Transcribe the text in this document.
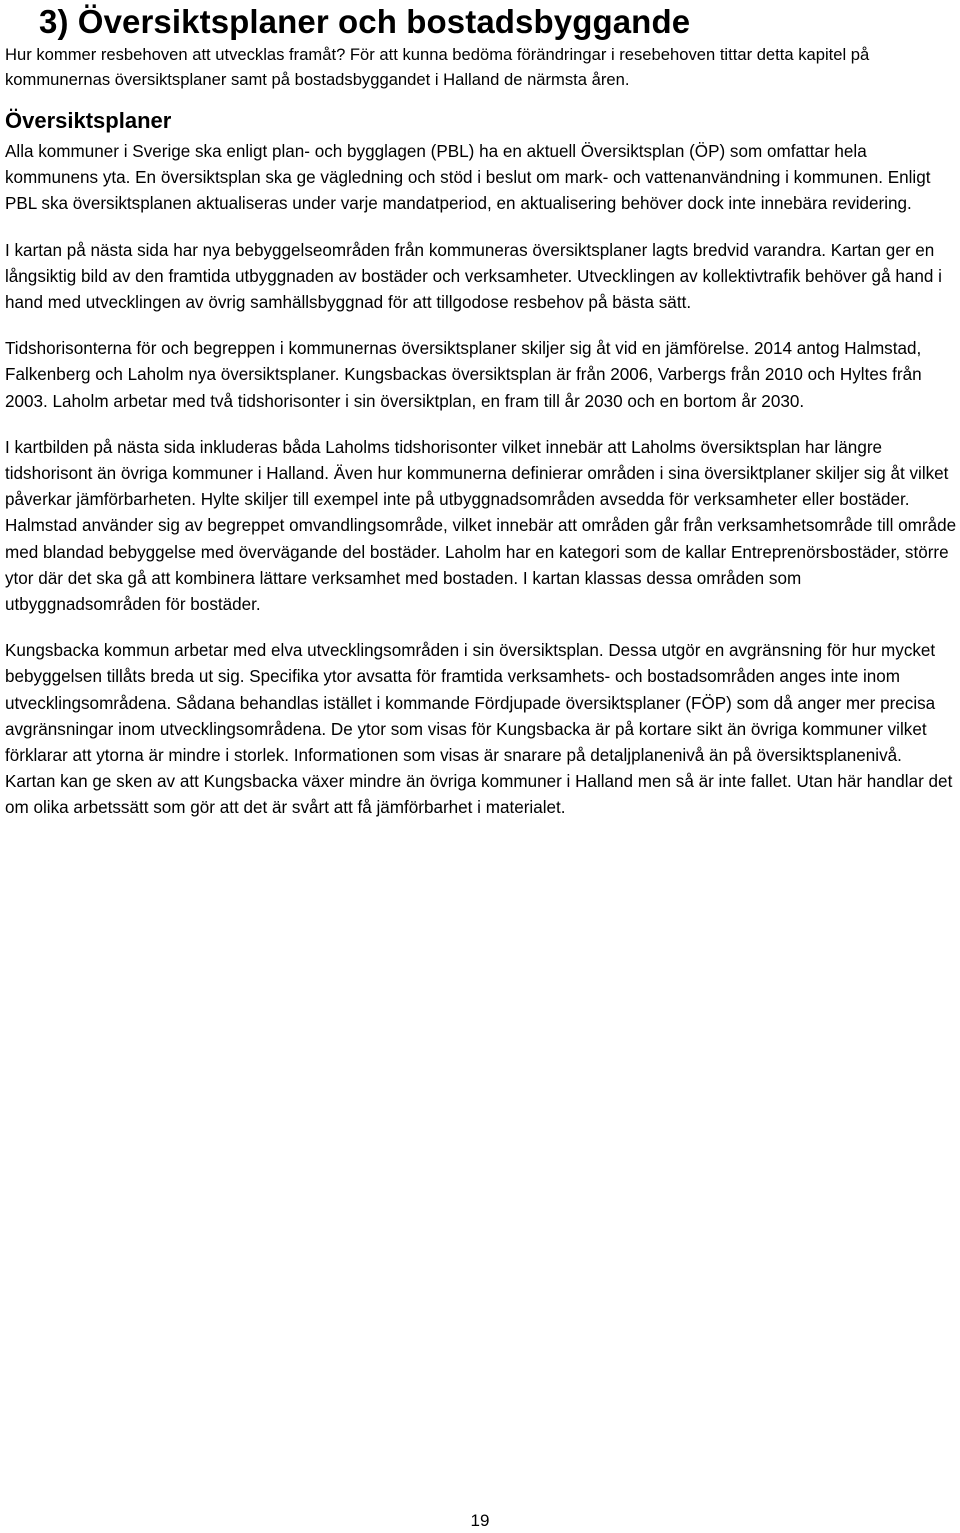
3) Översiktsplaner och bostadsbyggande

Hur kommer resbehoven att utvecklas framåt? För att kunna bedöma förändringar i resebehoven tittar detta kapitel på kommunernas översiktsplaner samt på bostadsbyggandet i Halland de närmsta åren.

Översiktsplaner

Alla kommuner i Sverige ska enligt plan- och bygglagen (PBL) ha en aktuell Översiktsplan (ÖP) som omfattar hela kommunens yta. En översiktsplan ska ge vägledning och stöd i beslut om mark- och vattenanvändning i kommunen. Enligt PBL ska översiktsplanen aktualiseras under varje mandatperiod, en aktualisering behöver dock inte innebära revidering.

I kartan på nästa sida har nya bebyggelseområden från kommuneras översiktsplaner lagts bredvid varandra. Kartan ger en långsiktig bild av den framtida utbyggnaden av bostäder och verksamheter. Utvecklingen av kollektivtrafik behöver gå hand i hand med utvecklingen av övrig samhällsbyggnad för att tillgodose resbehov på bästa sätt.

Tidshorisonterna för och begreppen i kommunernas översiktsplaner skiljer sig åt vid en jämförelse. 2014 antog Halmstad, Falkenberg och Laholm nya översiktsplaner. Kungsbackas översiktsplan är från 2006, Varbergs från 2010 och Hyltes från 2003. Laholm arbetar med två tidshorisonter i sin översiktplan, en fram till år 2030 och en bortom år 2030.

I kartbilden på nästa sida inkluderas båda Laholms tidshorisonter vilket innebär att Laholms översiktsplan har längre tidshorisont än övriga kommuner i Halland. Även hur kommunerna definierar områden i sina översiktplaner skiljer sig åt vilket påverkar jämförbarheten. Hylte skiljer till exempel inte på utbyggnadsområden avsedda för verksamheter eller bostäder. Halmstad använder sig av begreppet omvandlingsområde, vilket innebär att områden går från verksamhetsområde till område med blandad bebyggelse med övervägande del bostäder. Laholm har en kategori som de kallar Entreprenörsbostäder, större ytor där det ska gå att kombinera lättare verksamhet med bostaden. I kartan klassas dessa områden som utbyggnadsområden för bostäder.

Kungsbacka kommun arbetar med elva utvecklingsområden i sin översiktsplan. Dessa utgör en avgränsning för hur mycket bebyggelsen tillåts breda ut sig. Specifika ytor avsatta för framtida verksamhets- och bostadsområden anges inte inom utvecklingsområdena. Sådana behandlas istället i kommande Fördjupade översiktsplaner (FÖP) som då anger mer precisa avgränsningar inom utvecklingsområdena. De ytor som visas för Kungsbacka är på kortare sikt än övriga kommuner vilket förklarar att ytorna är mindre i storlek. Informationen som visas är snarare på detaljplanenivå än på översiktsplanenivå. Kartan kan ge sken av att Kungsbacka växer mindre än övriga kommuner i Halland men så är inte fallet. Utan här handlar det om olika arbetssätt som gör att det är svårt att få jämförbarhet i materialet.

19
